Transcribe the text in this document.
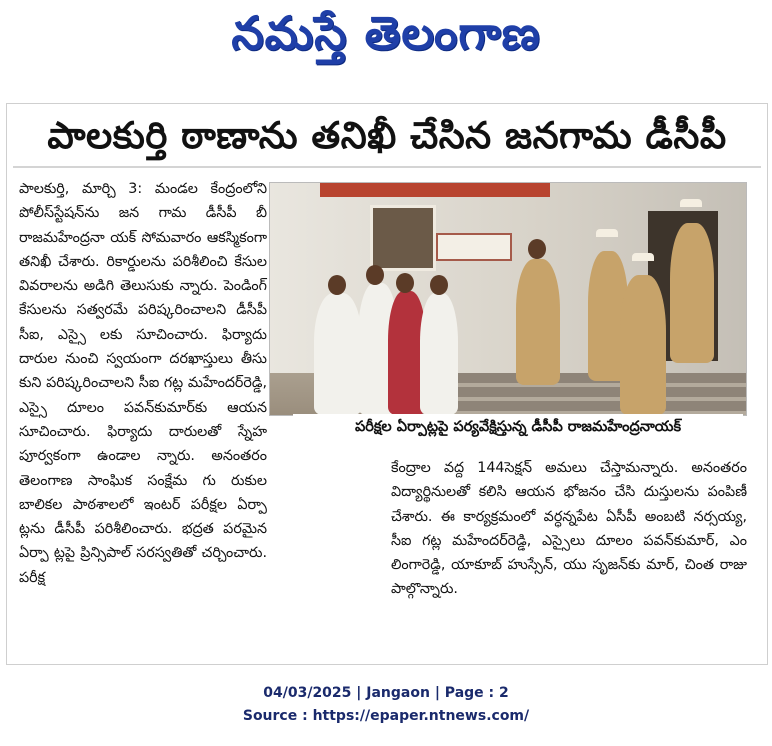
నమస్తే తెలంగాణ
పాలకుర్తి ఠాణాను తనిఖీ చేసిన జనగామ డీసీపీ

పాలకుర్తి, మార్చి 3: మండల కేంద్రంలోని పోలీస్‌స్టేషన్‌ను జన గామ డీసీపీ బీ రాజమహేంద్రనా యక్ సోమవారం ఆకస్మికంగా తనిఖీ చేశారు. రికార్డులను పరిశీలించి కేసుల వివరాలను అడిగి తెలుసుకు న్నారు. పెండింగ్ కేసులను సత్వరమే పరిష్కరించాలని డీసీపీ సీఐ, ఎస్సై లకు సూచించారు. ఫిర్యాదు దారుల నుంచి స్వయంగా దరఖాస్తులు తీసు కుని పరిష్కరించాలని సీఐ గట్ల మహేందర్‌రెడ్డి, ఎస్సై దూలం పవన్‌కుమార్‌కు ఆయన సూచించారు. ఫిర్యాదు దారులతో స్నేహ పూర్వకంగా ఉండాల న్నారు. అనంతరం తెలంగాణ సాంఘిక సంక్షేమ గు రుకుల బాలికల పాఠశాలలో ఇంటర్ పరీక్షల ఏర్పా ట్లను డీసీపీ పరిశీలించారు. భద్రత పరమైన ఏర్పా ట్లపై ప్రిన్సిపాల్ సరస్వతితో చర్చించారు. పరీక్ష

పరీక్షల ఏర్పాట్లపై పర్యవేక్షిస్తున్న డీసీపీ రాజమహేంద్రనాయక్

కేంద్రాల వద్ద 144సెక్షన్ అమలు చేస్తామన్నారు. అనంతరం విద్యార్థినులతో కలిసి ఆయన భోజనం చేసి దుస్తులను పంపిణీ చేశారు. ఈ కార్యక్రమంలో వర్ధన్నపేట ఏసీపీ అంబటి నర్సయ్య, సీఐ గట్ల మహేందర్‌రెడ్డి, ఎస్సైలు దూలం పవన్‌కుమార్, ఎం లింగారెడ్డి, యాకూబ్ హుస్సేన్, యు సృజన్‌కు మార్, చింత రాజు పాల్గొన్నారు.

04/03/2025 | Jangaon | Page : 2
Source : https://epaper.ntnews.com/
